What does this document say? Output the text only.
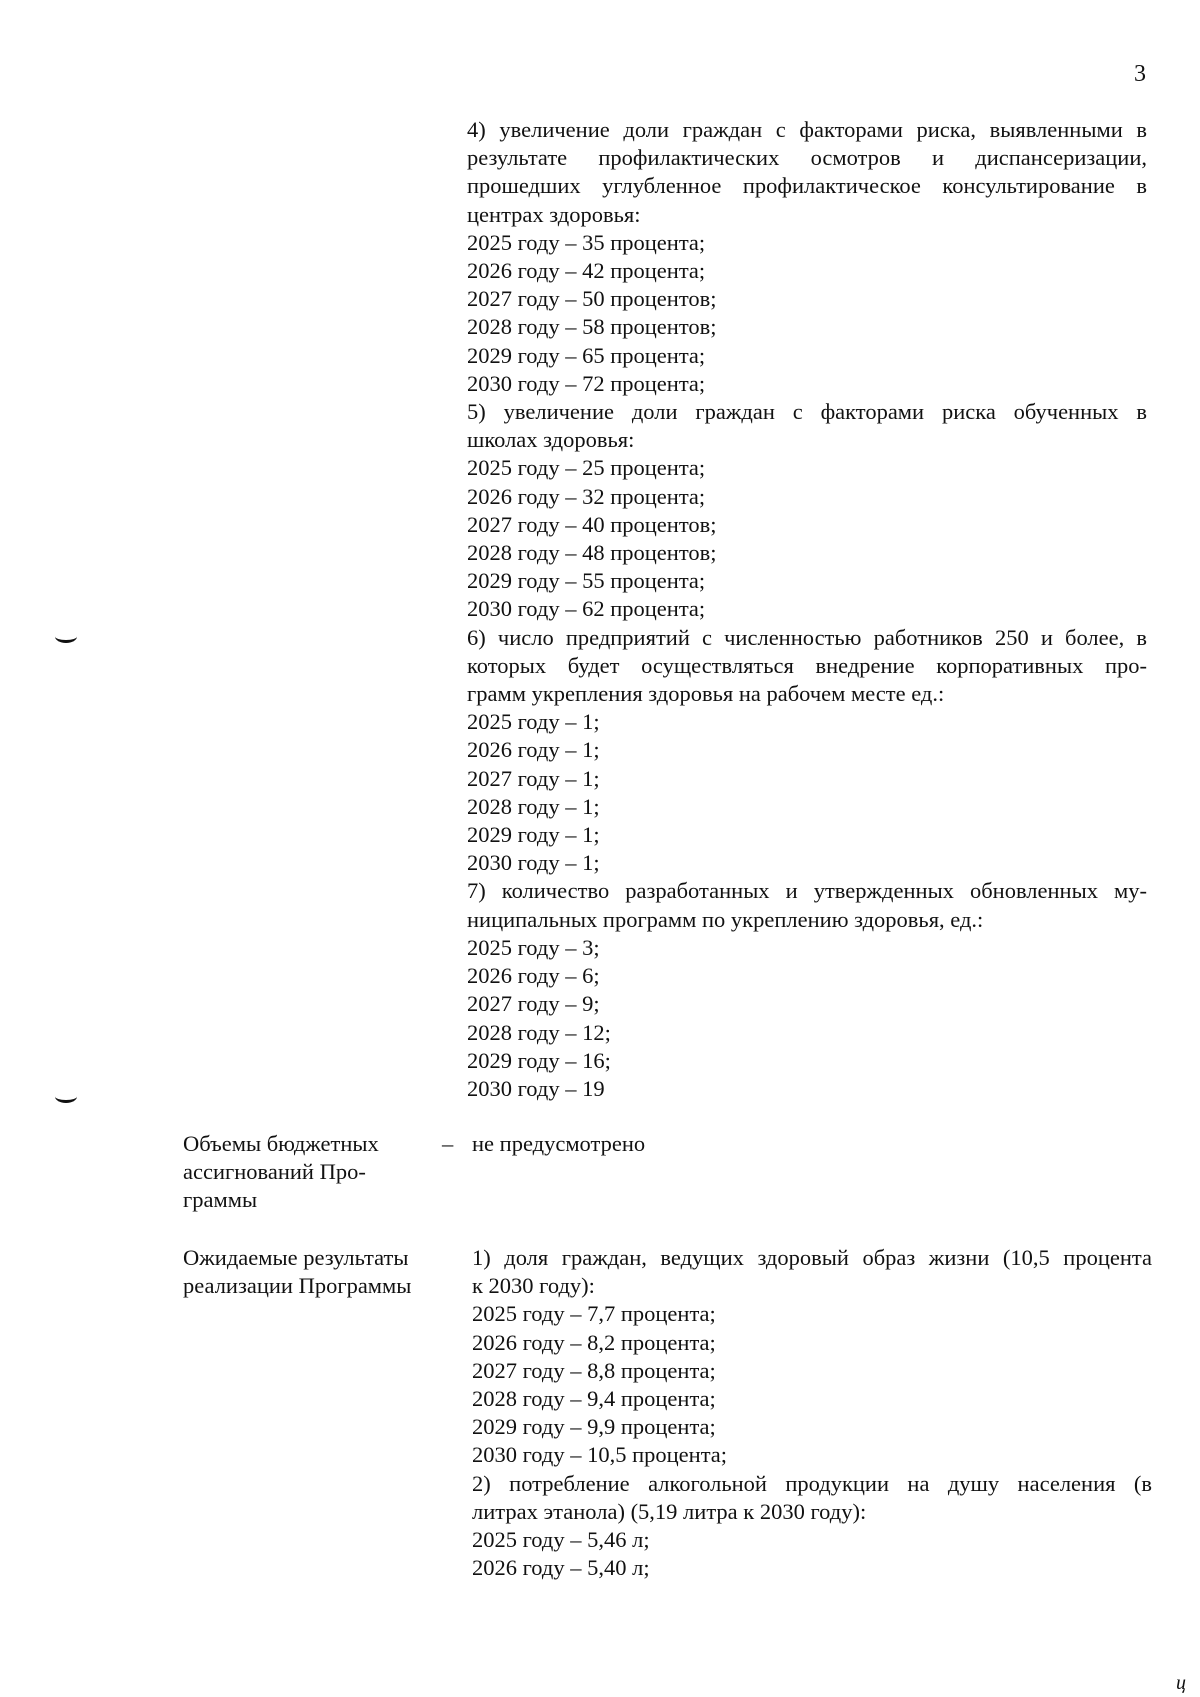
3
4) увеличение доли граждан с факторами риска, выявленными в
результате профилактических осмотров и диспансеризации,
прошедших углубленное профилактическое консультирование в
центрах здоровья:
2025 году – 35 процента;
2026 году – 42 процента;
2027 году – 50 процентов;
2028 году – 58 процентов;
2029 году – 65 процента;
2030 году – 72 процента;
5) увеличение доли граждан с факторами риска обученных в
школах здоровья:
2025 году – 25 процента;
2026 году – 32 процента;
2027 году – 40 процентов;
2028 году – 48 процентов;
2029 году – 55 процента;
2030 году – 62 процента;
6) число предприятий с численностью работников 250 и более, в
которых будет осуществляться внедрение корпоративных про-
грамм укрепления здоровья на рабочем месте ед.:
2025 году – 1;
2026 году – 1;
2027 году – 1;
2028 году – 1;
2029 году – 1;
2030 году – 1;
7) количество разработанных и утвержденных обновленных му-
ниципальных программ по укреплению здоровья, ед.:
2025 году – 3;
2026 году – 6;
2027 году – 9;
2028 году – 12;
2029 году – 16;
2030 году – 19
Объемы бюджетных
ассигнований Про-
граммы
– не предусмотрено
Ожидаемые результаты
реализации Программы
1) доля граждан, ведущих здоровый образ жизни (10,5 процента
к 2030 году):
2025 году – 7,7 процента;
2026 году – 8,2 процента;
2027 году – 8,8 процента;
2028 году – 9,4 процента;
2029 году – 9,9 процента;
2030 году – 10,5 процента;
2) потребление алкогольной продукции на душу населения (в
литрах этанола) (5,19 литра к 2030 году):
2025 году – 5,46 л;
2026 году – 5,40 л;
ц
